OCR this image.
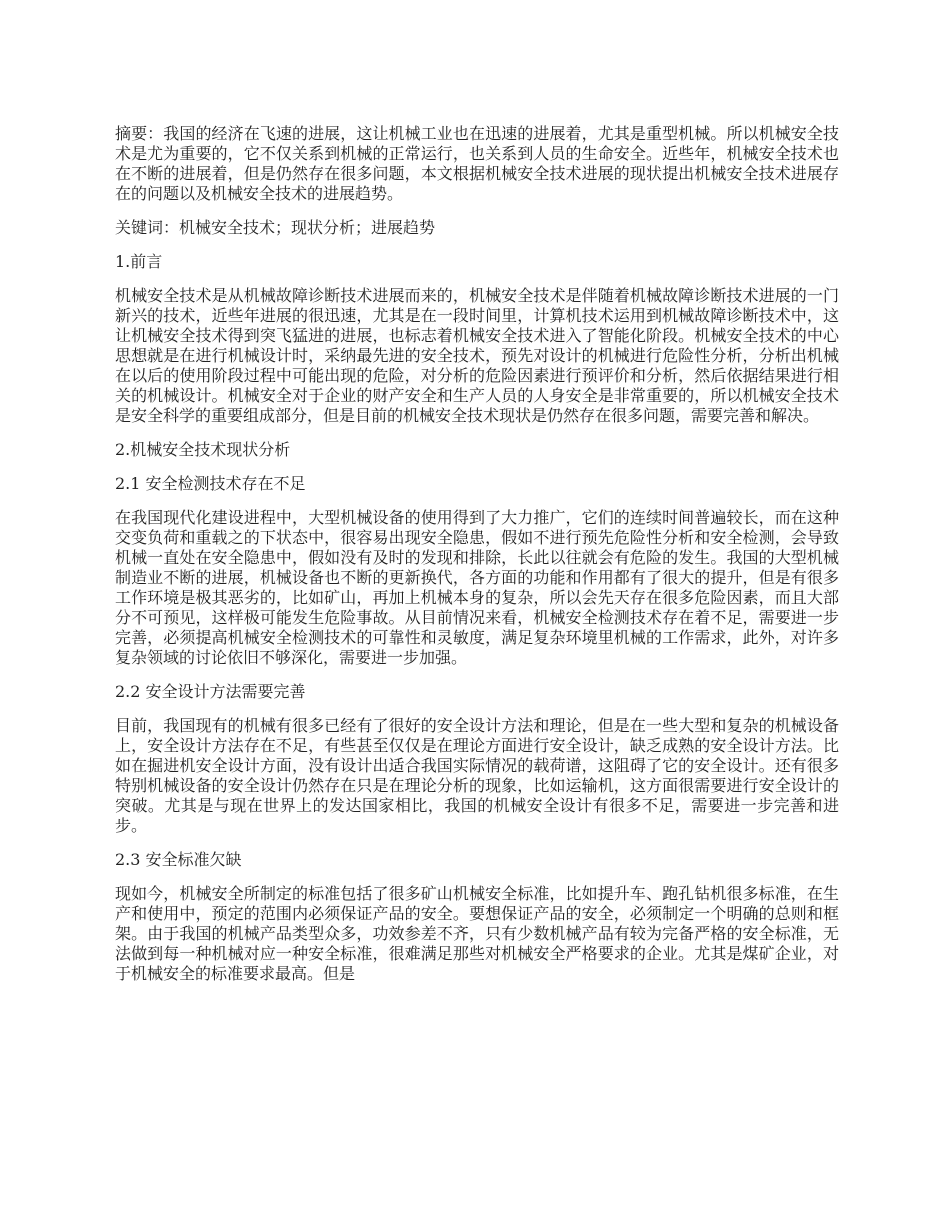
摘要：我国的经济在飞速的进展，这让机械工业也在迅速的进展着，尤其是重型机械。所以机械安全技术是尤为重要的，它不仅关系到机械的正常运行，也关系到人员的生命安全。近些年，机械安全技术也在不断的进展着，但是仍然存在很多问题，本文根据机械安全技术进展的现状提出机械安全技术进展存在的问题以及机械安全技术的进展趋势。

关键词：机械安全技术；现状分析；进展趋势

1.前言

机械安全技术是从机械故障诊断技术进展而来的，机械安全技术是伴随着机械故障诊断技术进展的一门新兴的技术，近些年进展的很迅速，尤其是在一段时间里，计算机技术运用到机械故障诊断技术中，这让机械安全技术得到突飞猛进的进展，也标志着机械安全技术进入了智能化阶段。机械安全技术的中心思想就是在进行机械设计时，采纳最先进的安全技术，预先对设计的机械进行危险性分析，分析出机械在以后的使用阶段过程中可能出现的危险，对分析的危险因素进行预评价和分析，然后依据结果进行相关的机械设计。机械安全对于企业的财产安全和生产人员的人身安全是非常重要的，所以机械安全技术是安全科学的重要组成部分，但是目前的机械安全技术现状是仍然存在很多问题，需要完善和解决。

2.机械安全技术现状分析

2.1 安全检测技术存在不足

在我国现代化建设进程中，大型机械设备的使用得到了大力推广，它们的连续时间普遍较长，而在这种交变负荷和重载之的下状态中，很容易出现安全隐患，假如不进行预先危险性分析和安全检测，会导致机械一直处在安全隐患中，假如没有及时的发现和排除，长此以往就会有危险的发生。我国的大型机械制造业不断的进展，机械设备也不断的更新换代，各方面的功能和作用都有了很大的提升，但是有很多工作环境是极其恶劣的，比如矿山，再加上机械本身的复杂，所以会先天存在很多危险因素，而且大部分不可预见，这样极可能发生危险事故。从目前情况来看，机械安全检测技术存在着不足，需要进一步完善，必须提高机械安全检测技术的可靠性和灵敏度，满足复杂环境里机械的工作需求，此外，对许多复杂领域的讨论依旧不够深化，需要进一步加强。

2.2 安全设计方法需要完善

目前，我国现有的机械有很多已经有了很好的安全设计方法和理论，但是在一些大型和复杂的机械设备上，安全设计方法存在不足，有些甚至仅仅是在理论方面进行安全设计，缺乏成熟的安全设计方法。比如在掘进机安全设计方面，没有设计出适合我国实际情况的载荷谱，这阻碍了它的安全设计。还有很多特别机械设备的安全设计仍然存在只是在理论分析的现象，比如运输机，这方面很需要进行安全设计的突破。尤其是与现在世界上的发达国家相比，我国的机械安全设计有很多不足，需要进一步完善和进步。

2.3 安全标准欠缺

现如今，机械安全所制定的标准包括了很多矿山机械安全标准，比如提升车、跑孔钻机很多标准，在生产和使用中，预定的范围内必须保证产品的安全。要想保证产品的安全，必须制定一个明确的总则和框架。由于我国的机械产品类型众多，功效参差不齐，只有少数机械产品有较为完备严格的安全标准，无法做到每一种机械对应一种安全标准，很难满足那些对机械安全严格要求的企业。尤其是煤矿企业，对于机械安全的标准要求最高。但是
